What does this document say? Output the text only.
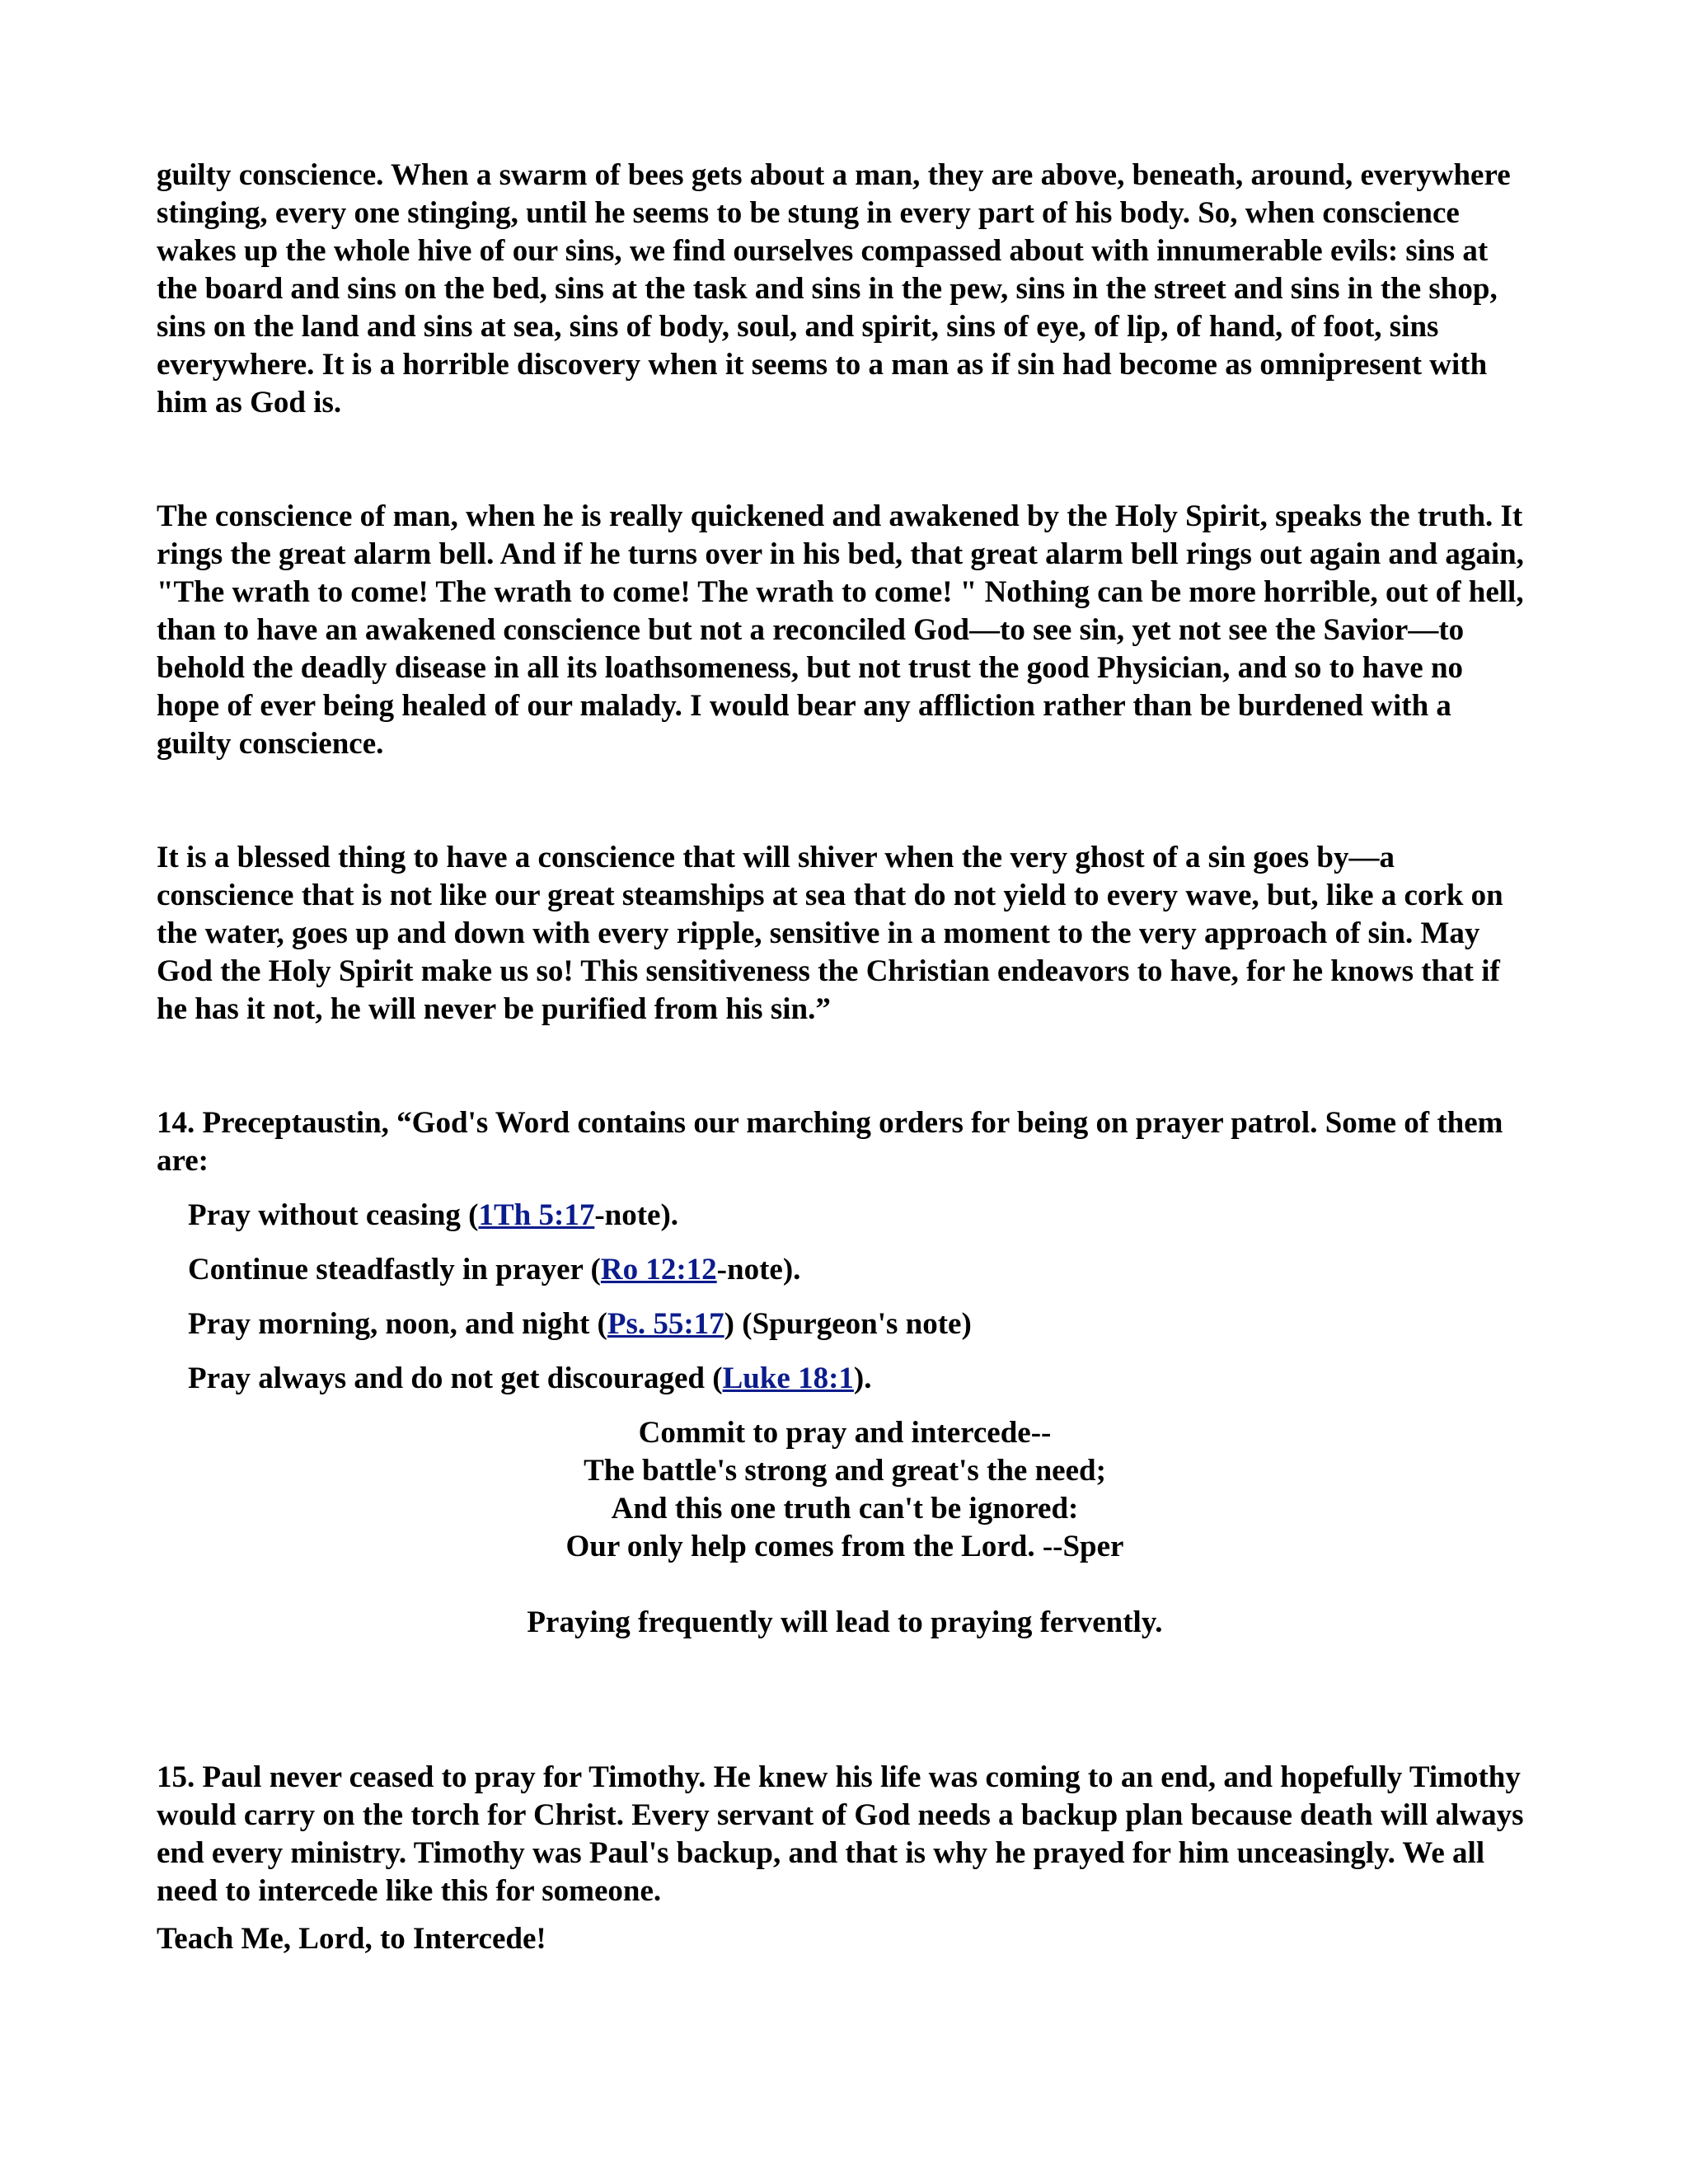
guilty conscience. When a swarm of bees gets about a man, they are above, beneath, around, everywhere stinging, every one stinging, until he seems to be stung in every part of his body. So, when conscience wakes up the whole hive of our sins, we find ourselves compassed about with innumerable evils: sins at the board and sins on the bed, sins at the task and sins in the pew, sins in the street and sins in the shop, sins on the land and sins at sea, sins of body, soul, and spirit, sins of eye, of lip, of hand, of foot, sins everywhere. It is a horrible discovery when it seems to a man as if sin had become as omnipresent with him as God is.

The conscience of man, when he is really quickened and awakened by the Holy Spirit, speaks the truth. It rings the great alarm bell. And if he turns over in his bed, that great alarm bell rings out again and again, "The wrath to come! The wrath to come! The wrath to come! " Nothing can be more horrible, out of hell, than to have an awakened conscience but not a reconciled God—to see sin, yet not see the Savior—to behold the deadly disease in all its loathsomeness, but not trust the good Physician, and so to have no hope of ever being healed of our malady. I would bear any affliction rather than be burdened with a guilty conscience.

It is a blessed thing to have a conscience that will shiver when the very ghost of a sin goes by—a conscience that is not like our great steamships at sea that do not yield to every wave, but, like a cork on the water, goes up and down with every ripple, sensitive in a moment to the very approach of sin. May God the Holy Spirit make us so! This sensitiveness the Christian endeavors to have, for he knows that if he has it not, he will never be purified from his sin.”

14. Preceptaustin, “God's Word contains our marching orders for being on prayer patrol. Some of them are:

Pray without ceasing (1Th 5:17-note).
Continue steadfastly in prayer (Ro 12:12-note).
Pray morning, noon, and night (Ps. 55:17) (Spurgeon's note)
Pray always and do not get discouraged (Luke 18:1).
Commit to pray and intercede--
The battle's strong and great's the need;
And this one truth can't be ignored:
Our only help comes from the Lord. --Sper

Praying frequently will lead to praying fervently.

15. Paul never ceased to pray for Timothy. He knew his life was coming to an end, and hopefully Timothy would carry on the torch for Christ. Every servant of God needs a backup plan because death will always end every ministry. Timothy was Paul's backup, and that is why he prayed for him unceasingly. We all need to intercede like this for someone.

Teach Me, Lord, to Intercede!
